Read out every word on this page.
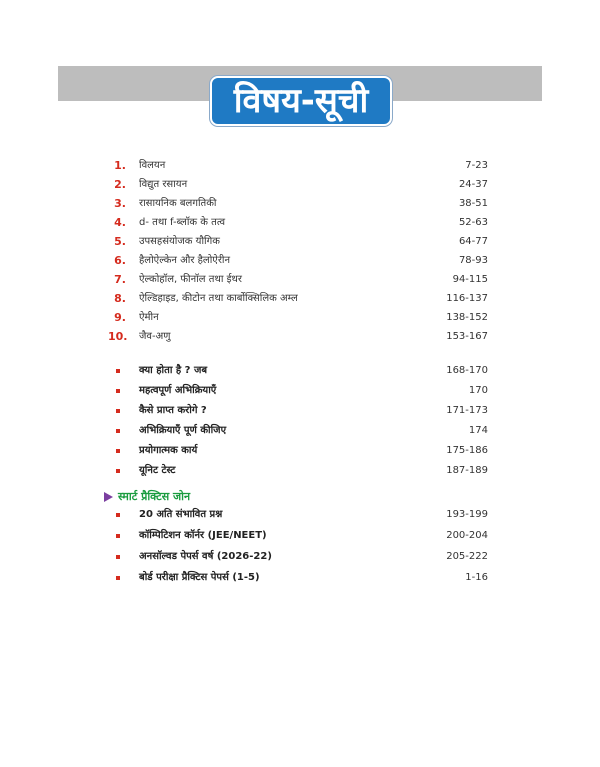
विषय-सूची
1. विलयन	7-23
2. विद्युत रसायन	24-37
3. रासायनिक बलगतिकी	38-51
4. d- तथा f-ब्लॉक के तत्व	52-63
5. उपसहसंयोजक यौगिक	64-77
6. हैलोऐल्केन और हैलोऐरीन	78-93
7. ऐल्कोहॉल, फीनॉल तथा ईथर	94-115
8. ऐल्डिहाइड, कीटोन तथा कार्बोक्सिलिक अम्ल	116-137
9. ऐमीन	138-152
10. जैव-अणु	153-167
क्या होता है ? जब	168-170
महत्वपूर्ण अभिक्रियाएँ	170
कैसे प्राप्त करोगे ?	171-173
अभिक्रियाएँ पूर्ण कीजिए	174
प्रयोगात्मक कार्य	175-186
यूनिट टेस्ट	187-189
स्मार्ट प्रैक्टिस जोन
20 अति संभावित प्रश्न	193-199
कॉम्पिटिशन कॉर्नर (JEE/NEET)	200-204
अनसॉल्वड पेपर्स वर्ष (2026-22)	205-222
बोर्ड परीक्षा प्रैक्टिस पेपर्स (1-5)	1-16
